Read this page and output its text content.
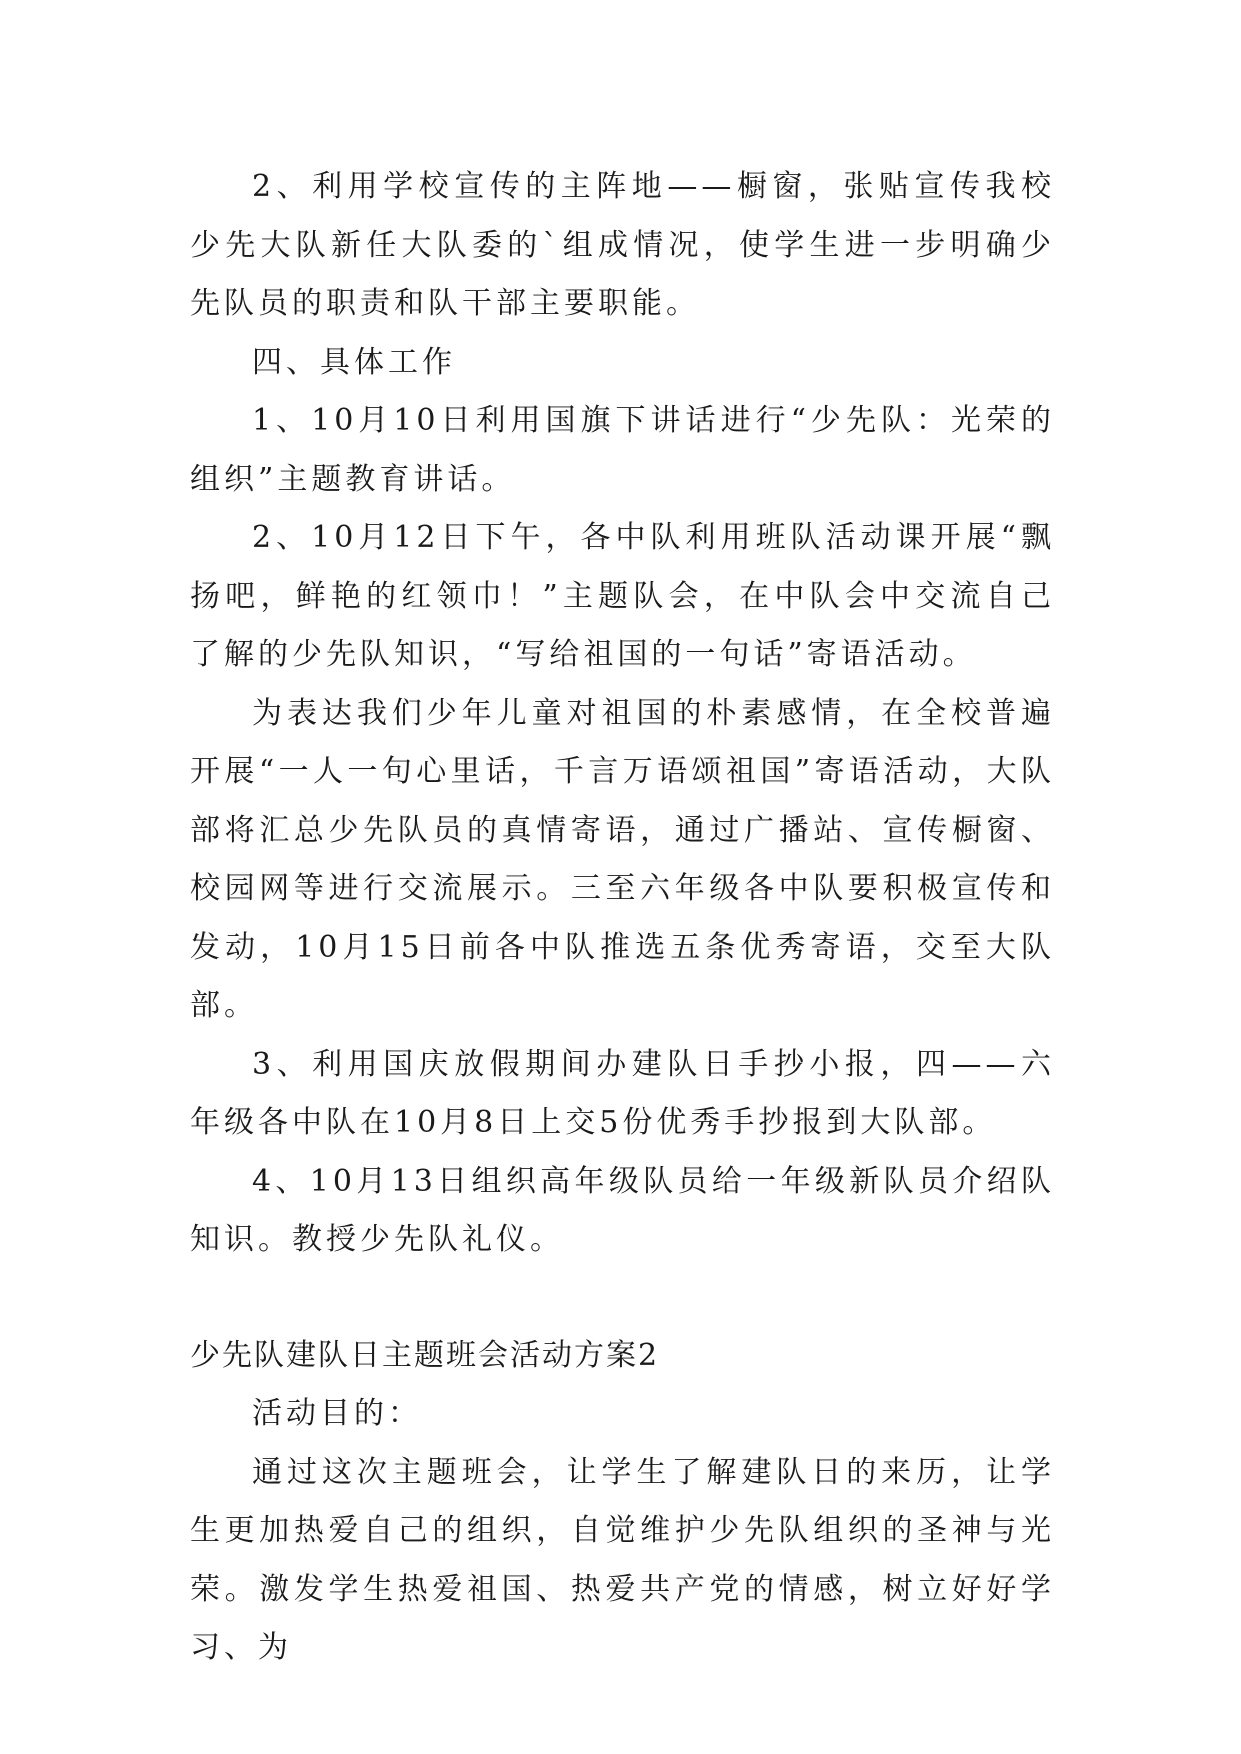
2、利用学校宣传的主阵地——橱窗，张贴宣传我校少先大队新任大队委的`组成情况，使学生进一步明确少先队员的职责和队干部主要职能。

四、具体工作

1、10月10日利用国旗下讲话进行“少先队：光荣的组织”主题教育讲话。

2、10月12日下午，各中队利用班队活动课开展“飘扬吧，鲜艳的红领巾！”主题队会，在中队会中交流自己了解的少先队知识，“写给祖国的一句话”寄语活动。

为表达我们少年儿童对祖国的朴素感情，在全校普遍开展“一人一句心里话，千言万语颂祖国”寄语活动，大队部将汇总少先队员的真情寄语，通过广播站、宣传橱窗、校园网等进行交流展示。三至六年级各中队要积极宣传和发动，10月15日前各中队推选五条优秀寄语，交至大队部。

3、利用国庆放假期间办建队日手抄小报，四——六年级各中队在10月8日上交5份优秀手抄报到大队部。

4、10月13日组织高年级队员给一年级新队员介绍队知识。教授少先队礼仪。

少先队建队日主题班会活动方案2

活动目的：

通过这次主题班会，让学生了解建队日的来历，让学生更加热爱自己的组织，自觉维护少先队组织的圣神与光荣。激发学生热爱祖国、热爱共产党的情感，树立好好学习、为
